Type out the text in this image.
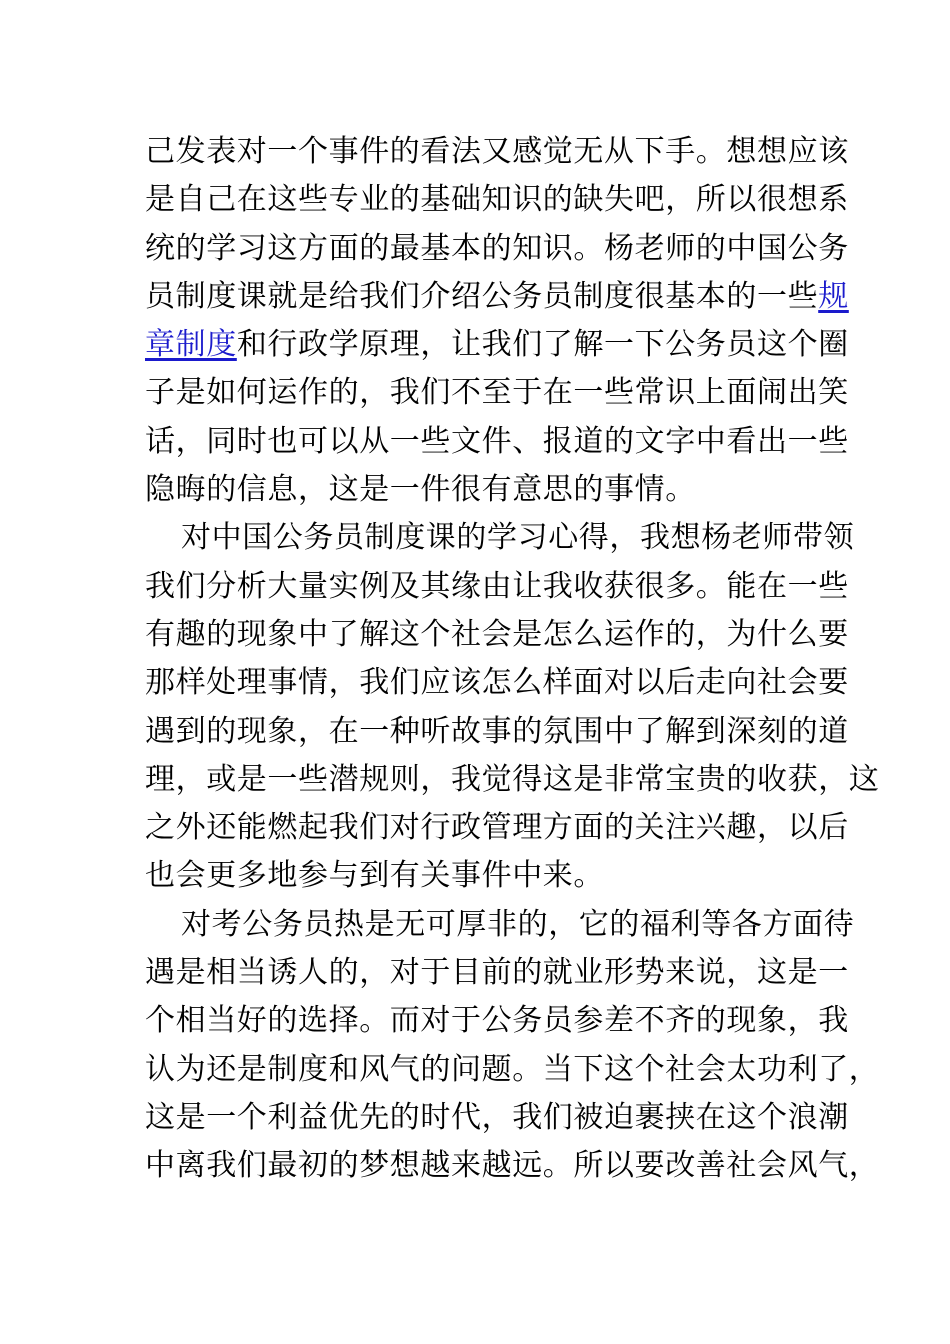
己发表对一个事件的看法又感觉无从下手。想想应该
是自己在这些专业的基础知识的缺失吧，所以很想系
统的学习这方面的最基本的知识。杨老师的中国公务
员制度课就是给我们介绍公务员制度很基本的一些规
章制度和行政学原理，让我们了解一下公务员这个圈
子是如何运作的，我们不至于在一些常识上面闹出笑
话，同时也可以从一些文件、报道的文字中看出一些
隐晦的信息，这是一件很有意思的事情。
对中国公务员制度课的学习心得，我想杨老师带领
我们分析大量实例及其缘由让我收获很多。能在一些
有趣的现象中了解这个社会是怎么运作的，为什么要
那样处理事情，我们应该怎么样面对以后走向社会要
遇到的现象，在一种听故事的氛围中了解到深刻的道
理，或是一些潜规则，我觉得这是非常宝贵的收获，这
之外还能燃起我们对行政管理方面的关注兴趣，以后
也会更多地参与到有关事件中来。
对考公务员热是无可厚非的，它的福利等各方面待
遇是相当诱人的，对于目前的就业形势来说，这是一
个相当好的选择。而对于公务员参差不齐的现象，我
认为还是制度和风气的问题。当下这个社会太功利了，
这是一个利益优先的时代，我们被迫裹挟在这个浪潮
中离我们最初的梦想越来越远。所以要改善社会风气，
